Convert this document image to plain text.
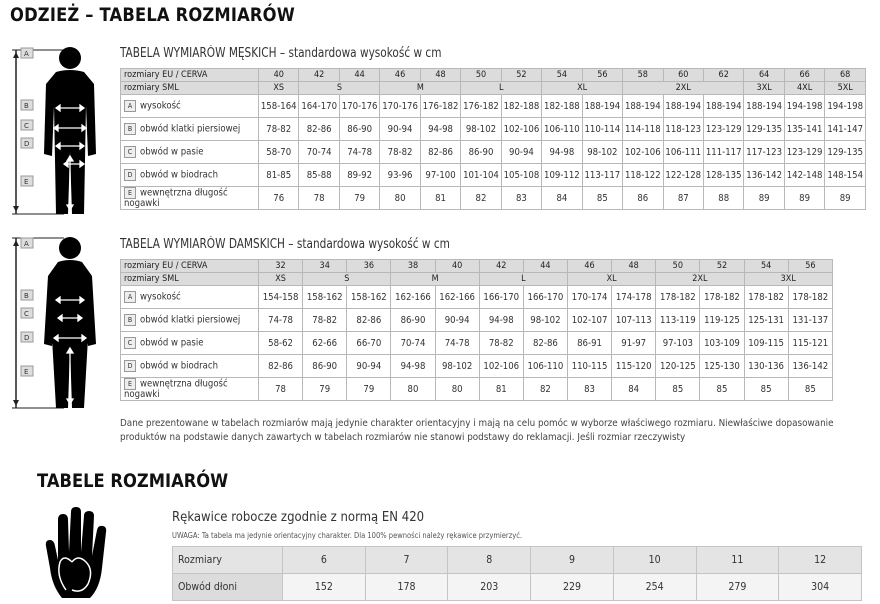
ODZIEŻ – TABELA ROZMIARÓW
A
B
C
D
E
TABELA WYMIARÓW MĘSKICH – standardowa wysokość w cm
rozmiary EU / CERVA	40	42	44	46	48	50	52	54	56	58	60	62	64	66	68
rozmiary SML	XS	S		M		L		XL		2XL			3XL	4XL	5XL
A wysokość	158-164	164-170	170-176	170-176	176-182	176-182	182-188	182-188	188-194	188-194	188-194	188-194	188-194	194-198	194-198
B obwód klatki piersiowej	78-82	82-86	86-90	90-94	94-98	98-102	102-106	106-110	110-114	114-118	118-123	123-129	129-135	135-141	141-147
C obwód w pasie	58-70	70-74	74-78	78-82	82-86	86-90	90-94	94-98	98-102	102-106	106-111	111-117	117-123	123-129	129-135
D obwód w biodrach	81-85	85-88	89-92	93-96	97-100	101-104	105-108	109-112	113-117	118-122	122-128	128-135	136-142	142-148	148-154
E wewnętrzna długość nogawki	76	78	79	80	81	82	83	84	85	86	87	88	89	89	89
A
B
C
D
E
TABELA WYMIARÓW DAMSKICH – standardowa wysokość w cm
rozmiary EU / CERVA	32	34	36	38	40	42	44	46	48	50	52	54	56
rozmiary SML	XS	S		M		L		XL		2XL		3XL	
A wysokość	154-158	158-162	158-162	162-166	162-166	166-170	166-170	170-174	174-178	178-182	178-182	178-182	178-182
B obwód klatki piersiowej	74-78	78-82	82-86	86-90	90-94	94-98	98-102	102-107	107-113	113-119	119-125	125-131	131-137
C obwód w pasie	58-62	62-66	66-70	70-74	74-78	78-82	82-86	86-91	91-97	97-103	103-109	109-115	115-121
D obwód w biodrach	82-86	86-90	90-94	94-98	98-102	102-106	106-110	110-115	115-120	120-125	125-130	130-136	136-142
E wewnętrzna długość nogawki	78	79	79	80	80	81	82	83	84	85	85	85	85
Dane prezentowane w tabelach rozmiarów mają jedynie charakter orientacyjny i mają na celu pomóc w wyborze właściwego rozmiaru. Niewłaściwe dopasowanie produktów na podstawie danych zawartych w tabelach rozmiarów nie stanowi podstawy do reklamacji. Jeśli rozmiar rzeczywisty
TABELE ROZMIARÓW
Rękawice robocze zgodnie z normą EN 420
UWAGA: Ta tabela ma jedynie orientacyjny charakter. Dla 100% pewności należy rękawice przymierzyć.
Rozmiary	6	7	8	9	10	11	12
Obwód dłoni	152	178	203	229	254	279	304
